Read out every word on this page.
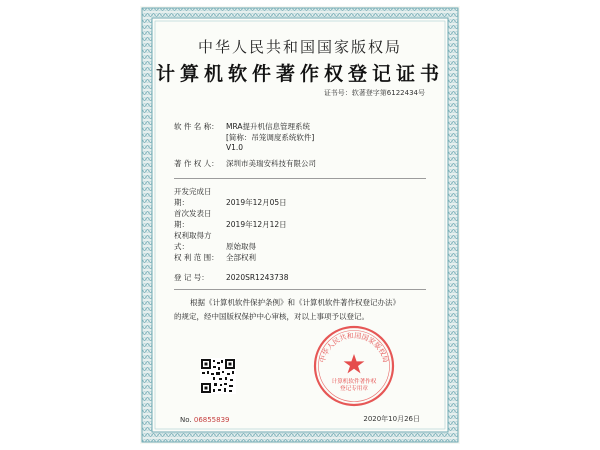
中华人民共和国国家版权局
计算机软件著作权登记证书
证书号：软著登字第6122434号
软 件 名 称： MRA提升机信息管理系统
[简称：吊笼调度系统软件]
V1.0
著 作 权 人： 深圳市美瑞安科技有限公司
开发完成日期：	2019年12月05日
首次发表日期：	2019年12月12日
权利取得方式：	原始取得
权 利 范 围： 全部权利
登 记 号： 2020SR1243738
根据《计算机软件保护条例》和《计算机软件著作权登记办法》
的规定，经中国版权保护中心审核，对以上事项予以登记。
No. 06855839
中华人民共和国国家版权局
计算机软件著作权
登记专用章
2020年10月26日
